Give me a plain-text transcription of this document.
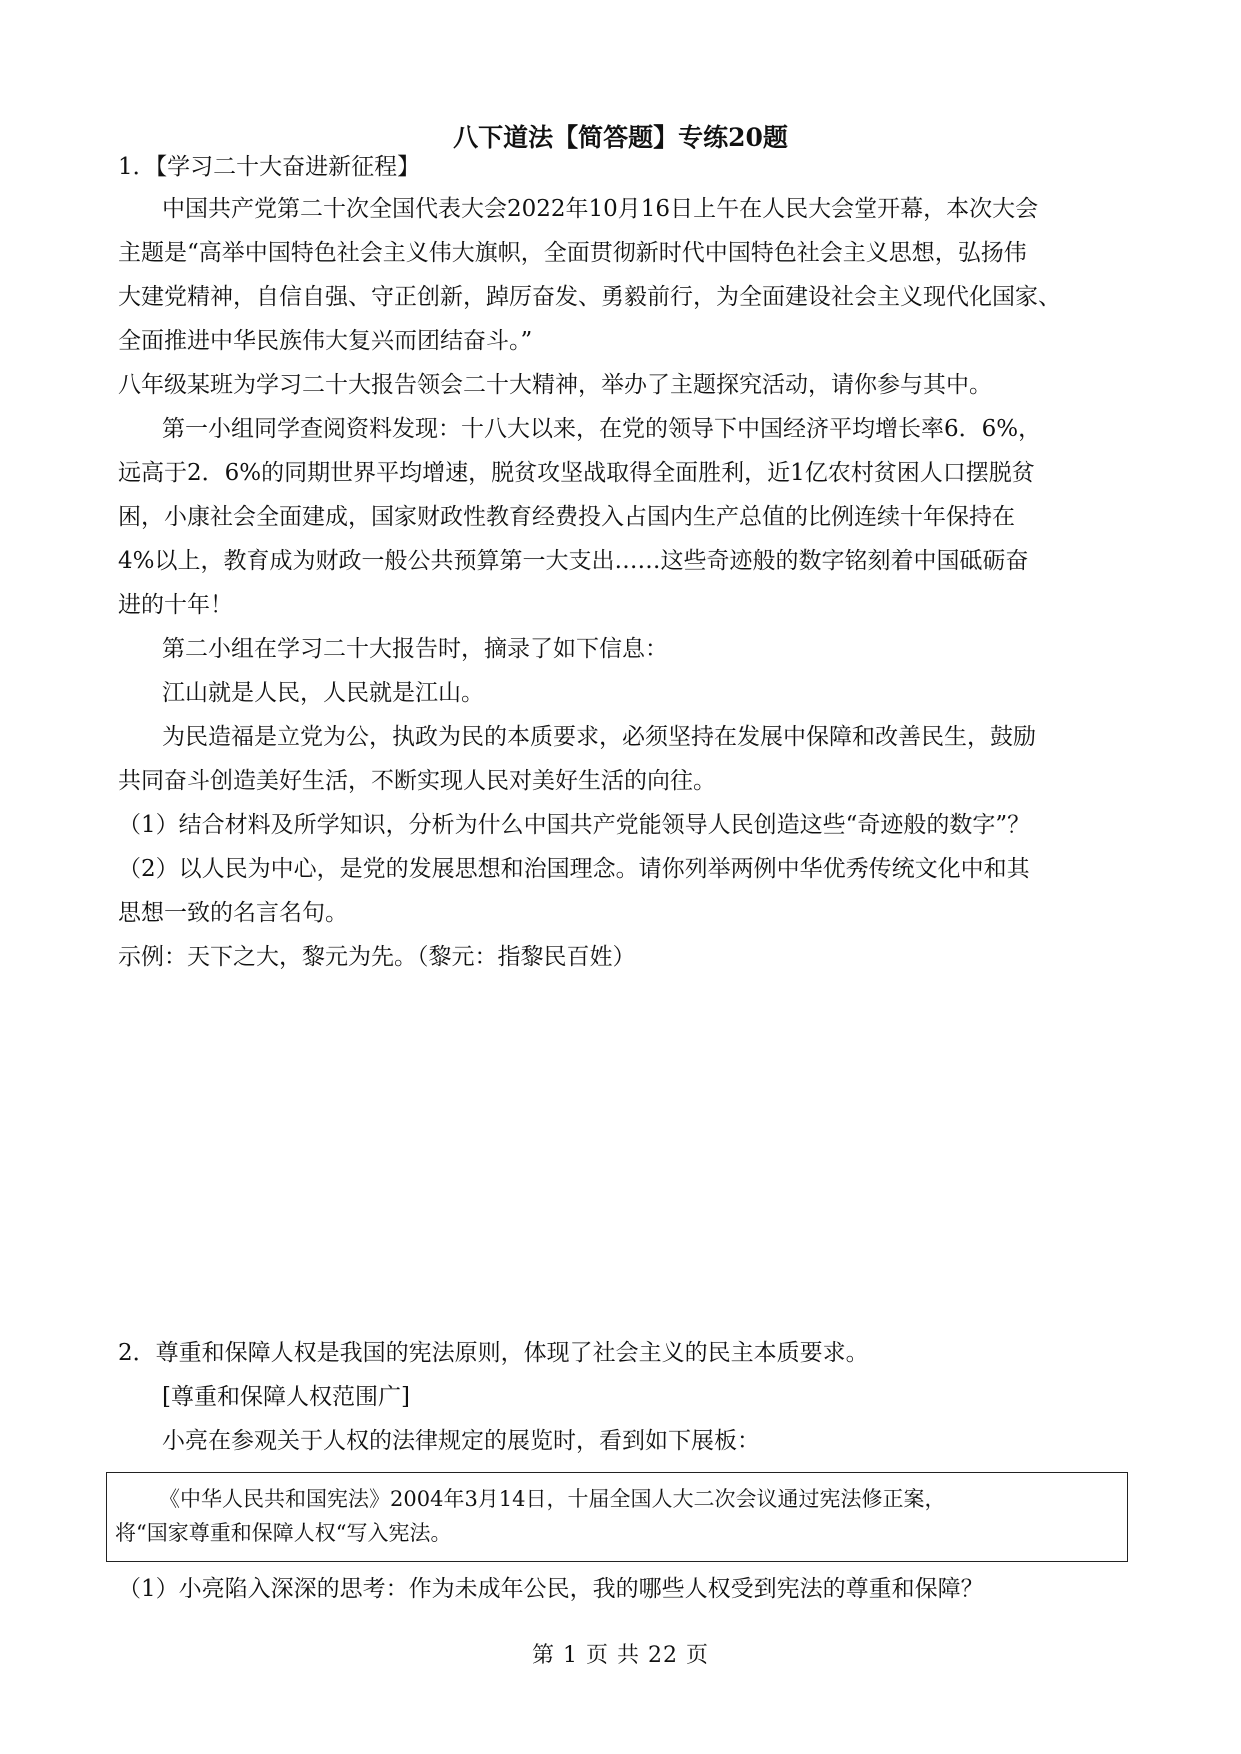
八下道法【简答题】专练20题
1．【学习二十大奋进新征程】
中国共产党第二十次全国代表大会2022年10月16日上午在人民大会堂开幕，本次大会
主题是“高举中国特色社会主义伟大旗帜，全面贯彻新时代中国特色社会主义思想，弘扬伟
大建党精神，自信自强、守正创新，踔厉奋发、勇毅前行，为全面建设社会主义现代化国家、
全面推进中华民族伟大复兴而团结奋斗。”
八年级某班为学习二十大报告领会二十大精神，举办了主题探究活动，请你参与其中。
第一小组同学查阅资料发现：十八大以来，在党的领导下中国经济平均增长率6．6%，
远高于2．6%的同期世界平均增速，脱贫攻坚战取得全面胜利，近1亿农村贫困人口摆脱贫
困，小康社会全面建成，国家财政性教育经费投入占国内生产总值的比例连续十年保持在
4%以上，教育成为财政一般公共预算第一大支出……这些奇迹般的数字铭刻着中国砥砺奋
进的十年！
第二小组在学习二十大报告时，摘录了如下信息：
江山就是人民，人民就是江山。
为民造福是立党为公，执政为民的本质要求，必须坚持在发展中保障和改善民生，鼓励
共同奋斗创造美好生活，不断实现人民对美好生活的向往。
（1）结合材料及所学知识，分析为什么中国共产党能领导人民创造这些“奇迹般的数字”？
（2）以人民为中心，是党的发展思想和治国理念。请你列举两例中华优秀传统文化中和其
思想一致的名言名句。
示例：天下之大，黎元为先。（黎元：指黎民百姓）
2．尊重和保障人权是我国的宪法原则，体现了社会主义的民主本质要求。
[尊重和保障人权范围广]
小亮在参观关于人权的法律规定的展览时，看到如下展板：
《中华人民共和国宪法》2004年3月14日，十届全国人大二次会议通过宪法修正案，
将“国家尊重和保障人权“写入宪法。
（1）小亮陷入深深的思考：作为未成年公民，我的哪些人权受到宪法的尊重和保障？
第 1 页 共 22 页
